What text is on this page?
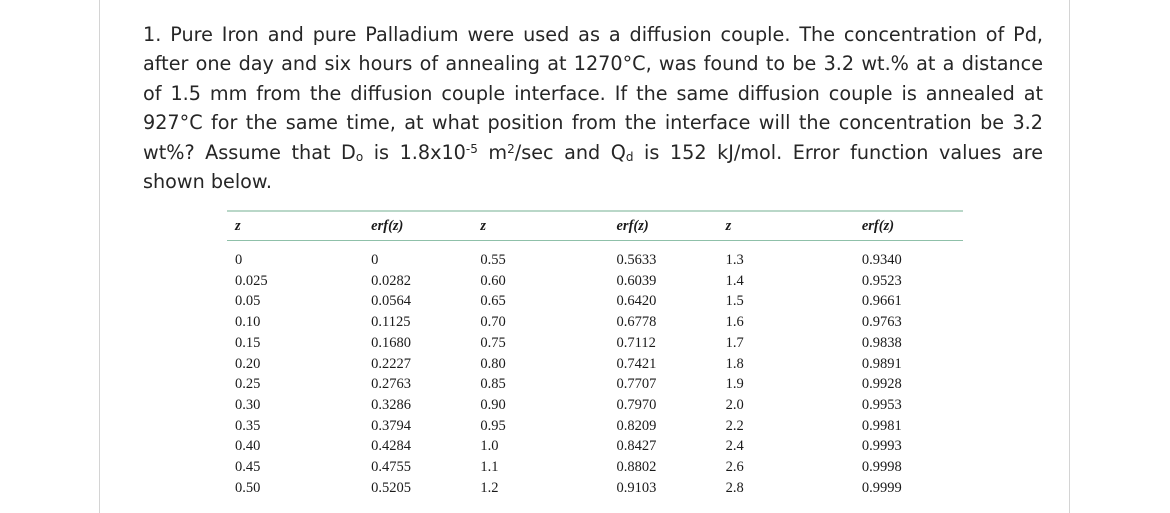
1. Pure Iron and pure Palladium were used as a diffusion couple. The concentration of Pd, after one day and six hours of annealing at 1270°C, was found to be 3.2 wt.% at a distance of 1.5 mm from the diffusion couple interface. If the same diffusion couple is annealed at 927°C for the same time, at what position from the interface will the concentration be 3.2 wt%? Assume that $D_o$ is $1.8x10^{-5}$ $m^2/\sec$ and $Q_d$ is 152 kJ/mol. Error function values are shown below.

z	erf(z)	z	erf(z)	z	erf(z)
0	0	0.55	0.5633	1.3	0.9340
0.025	0.0282	0.60	0.6039	1.4	0.9523
0.05	0.0564	0.65	0.6420	1.5	0.9661
0.10	0.1125	0.70	0.6778	1.6	0.9763
0.15	0.1680	0.75	0.7112	1.7	0.9838
0.20	0.2227	0.80	0.7421	1.8	0.9891
0.25	0.2763	0.85	0.7707	1.9	0.9928
0.30	0.3286	0.90	0.7970	2.0	0.9953
0.35	0.3794	0.95	0.8209	2.2	0.9981
0.40	0.4284	1.0	0.8427	2.4	0.9993
0.45	0.4755	1.1	0.8802	2.6	0.9998
0.50	0.5205	1.2	0.9103	2.8	0.9999
